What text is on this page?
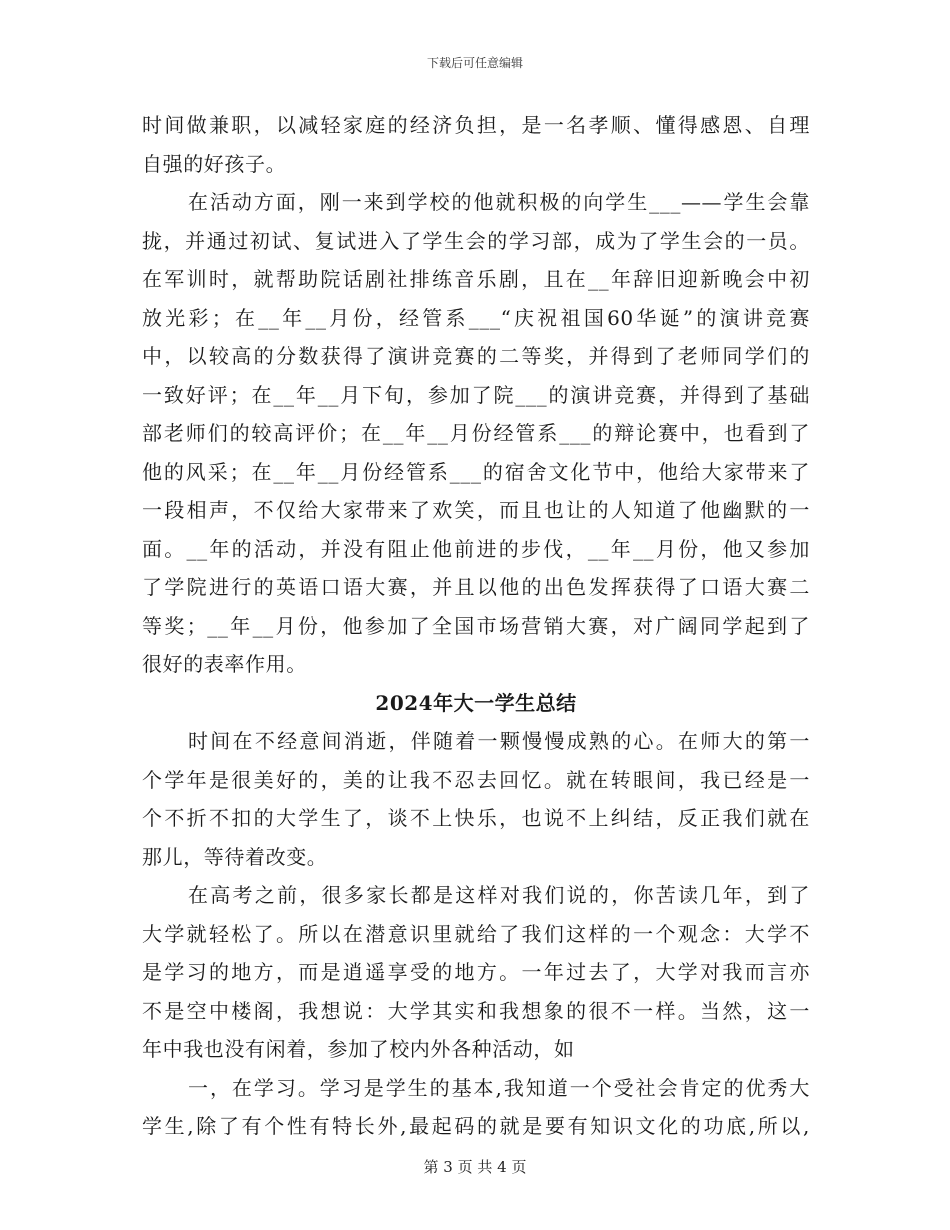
下载后可任意编辑
时间做兼职，以减轻家庭的经济负担，是一名孝顺、懂得感恩、自理
自强的好孩子。
在活动方面，刚一来到学校的他就积极的向学生___——学生会靠
拢，并通过初试、复试进入了学生会的学习部，成为了学生会的一员。
在军训时，就帮助院话剧社排练音乐剧，且在__年辞旧迎新晚会中初
放光彩；在__年__月份，经管系___“庆祝祖国60华诞”的演讲竞赛
中，以较高的分数获得了演讲竞赛的二等奖，并得到了老师同学们的
一致好评；在__年__月下旬，参加了院___的演讲竞赛，并得到了基础
部老师们的较高评价；在__年__月份经管系___的辩论赛中，也看到了
他的风采；在__年__月份经管系___的宿舍文化节中，他给大家带来了
一段相声，不仅给大家带来了欢笑，而且也让的人知道了他幽默的一
面。__年的活动，并没有阻止他前进的步伐，__年__月份，他又参加
了学院进行的英语口语大赛，并且以他的出色发挥获得了口语大赛二
等奖；__年__月份，他参加了全国市场营销大赛，对广阔同学起到了
很好的表率作用。
2024年大一学生总结
时间在不经意间消逝，伴随着一颗慢慢成熟的心。在师大的第一
个学年是很美好的，美的让我不忍去回忆。就在转眼间，我已经是一
个不折不扣的大学生了，谈不上快乐，也说不上纠结，反正我们就在
那儿，等待着改变。
在高考之前，很多家长都是这样对我们说的，你苦读几年，到了
大学就轻松了。所以在潜意识里就给了我们这样的一个观念：大学不
是学习的地方，而是逍遥享受的地方。一年过去了，大学对我而言亦
不是空中楼阁，我想说：大学其实和我想象的很不一样。当然，这一
年中我也没有闲着，参加了校内外各种活动，如
一，在学习。学习是学生的基本,我知道一个受社会肯定的优秀大
学生,除了有个性有特长外,最起码的就是要有知识文化的功底,所以,
第 3 页 共 4 页
